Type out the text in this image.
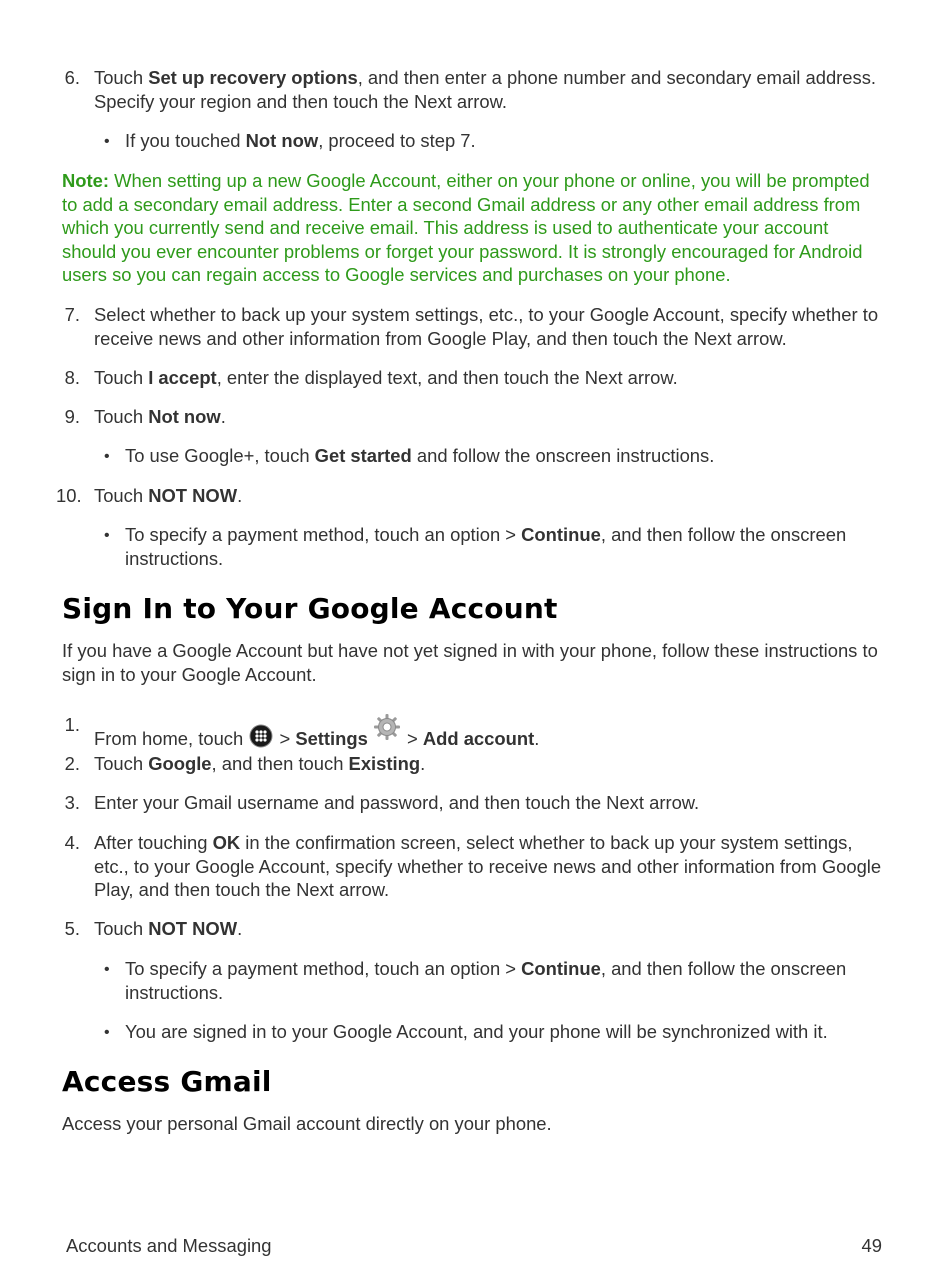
6. Touch Set up recovery options, and then enter a phone number and secondary email address. Specify your region and then touch the Next arrow.
• If you touched Not now, proceed to step 7.
Note: When setting up a new Google Account, either on your phone or online, you will be prompted to add a secondary email address. Enter a second Gmail address or any other email address from which you currently send and receive email. This address is used to authenticate your account should you ever encounter problems or forget your password. It is strongly encouraged for Android users so you can regain access to Google services and purchases on your phone.
7. Select whether to back up your system settings, etc., to your Google Account, specify whether to receive news and other information from Google Play, and then touch the Next arrow.
8. Touch I accept, enter the displayed text, and then touch the Next arrow.
9. Touch Not now.
• To use Google+, touch Get started and follow the onscreen instructions.
10. Touch NOT NOW.
• To specify a payment method, touch an option > Continue, and then follow the onscreen instructions.
Sign In to Your Google Account
If you have a Google Account but have not yet signed in with your phone, follow these instructions to sign in to your Google Account.
1.
From home, touch  > Settings > Add account.
2. Touch Google, and then touch Existing.
3. Enter your Gmail username and password, and then touch the Next arrow.
4. After touching OK in the confirmation screen, select whether to back up your system settings, etc., to your Google Account, specify whether to receive news and other information from Google Play, and then touch the Next arrow.
5. Touch NOT NOW.
• To specify a payment method, touch an option > Continue, and then follow the onscreen instructions.
• You are signed in to your Google Account, and your phone will be synchronized with it.
Access Gmail
Access your personal Gmail account directly on your phone.
Accounts and Messaging	49
